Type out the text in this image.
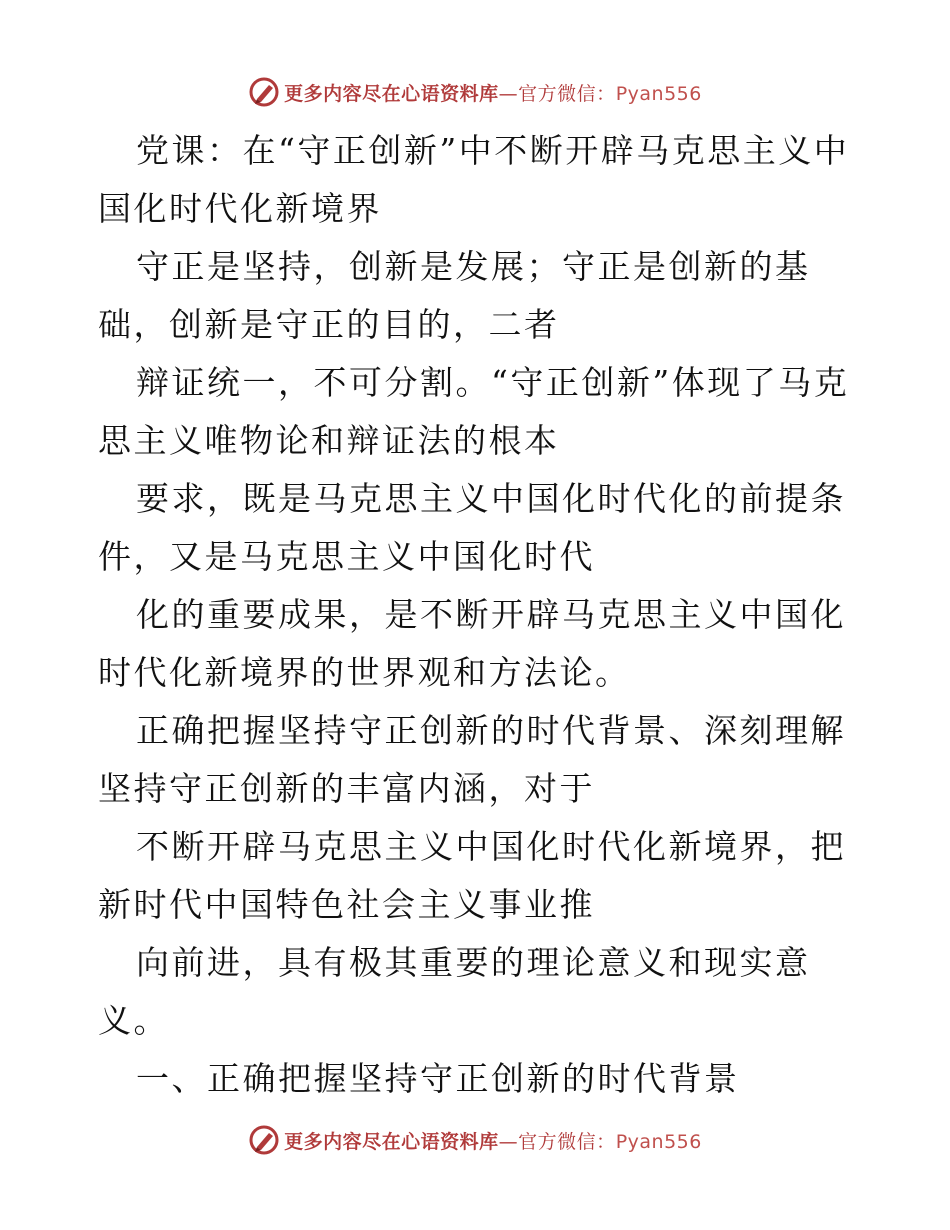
更多内容尽在心语资料库—官方微信：Pyan556

党课：在“守正创新”中不断开辟马克思主义中国化时代化新境界

守正是坚持，创新是发展；守正是创新的基础，创新是守正的目的，二者

辩证统一，不可分割。“守正创新”体现了马克思主义唯物论和辩证法的根本

要求，既是马克思主义中国化时代化的前提条件，又是马克思主义中国化时代

化的重要成果，是不断开辟马克思主义中国化时代化新境界的世界观和方法论。

正确把握坚持守正创新的时代背景、深刻理解坚持守正创新的丰富内涵，对于

不断开辟马克思主义中国化时代化新境界，把新时代中国特色社会主义事业推

向前进，具有极其重要的理论意义和现实意义。

一、正确把握坚持守正创新的时代背景

更多内容尽在心语资料库—官方微信：Pyan556
